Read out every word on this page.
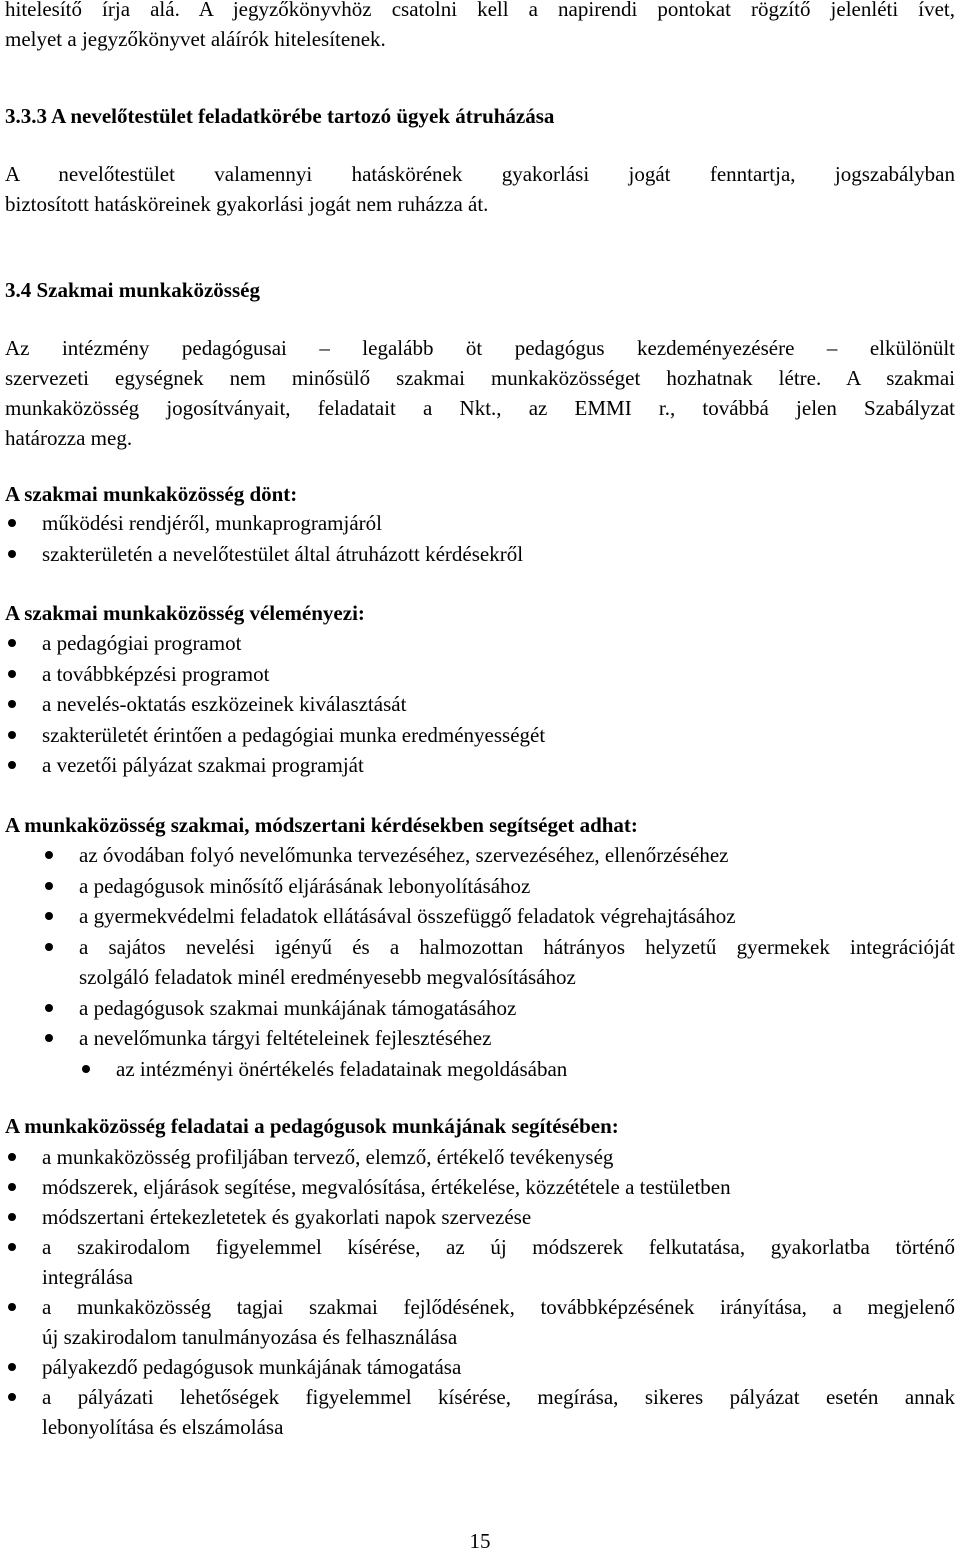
hitelesítő írja alá. A jegyzőkönyvhöz csatolni kell a napirendi pontokat rögzítő jelenléti ívet,

melyet a jegyzőkönyvet aláírók hitelesítenek.

3.3.3 A nevelőtestület feladatkörébe tartozó ügyek átruházása

A nevelőtestület valamennyi hatáskörének gyakorlási jogát fenntartja, jogszabályban

biztosított hatásköreinek gyakorlási jogát nem ruházza át.

3.4 Szakmai munkaközösség

Az intézmény pedagógusai – legalább öt pedagógus kezdeményezésére – elkülönült

szervezeti egységnek nem minősülő szakmai munkaközösséget hozhatnak létre. A szakmai

munkaközösség jogosítványait, feladatait a Nkt., az EMMI r., továbbá jelen Szabályzat

határozza meg.

A szakmai munkaközösség dönt:
működési rendjéről, munkaprogramjáról
szakterületén a nevelőtestület által átruházott kérdésekről
A szakmai munkaközösség véleményezi:
a pedagógiai programot
a továbbképzési programot
a nevelés-oktatás eszközeinek kiválasztását
szakterületét érintően a pedagógiai munka eredményességét
a vezetői pályázat szakmai programját
A munkaközösség szakmai, módszertani kérdésekben segítséget adhat:
az óvodában folyó nevelőmunka tervezéséhez, szervezéséhez, ellenőrzéséhez
a pedagógusok minősítő eljárásának lebonyolításához
a gyermekvédelmi feladatok ellátásával összefüggő feladatok végrehajtásához
a sajátos nevelési igényű és a halmozottan hátrányos helyzetű gyermekek integrációját
szolgáló feladatok minél eredményesebb megvalósításához
a pedagógusok szakmai munkájának támogatásához
a nevelőmunka tárgyi feltételeinek fejlesztéséhez
az intézményi önértékelés feladatainak megoldásában
A munkaközösség feladatai a pedagógusok munkájának segítésében:
a munkaközösség profiljában tervező, elemző, értékelő tevékenység
módszerek, eljárások segítése, megvalósítása, értékelése, közzététele a testületben
módszertani értekezletetek és gyakorlati napok szervezése
a szakirodalom figyelemmel kísérése, az új módszerek felkutatása, gyakorlatba történő
integrálása
a munkaközösség tagjai szakmai fejlődésének, továbbképzésének irányítása, a megjelenő
új szakirodalom tanulmányozása és felhasználása
pályakezdő pedagógusok munkájának támogatása
a pályázati lehetőségek figyelemmel kísérése, megírása, sikeres pályázat esetén annak
lebonyolítása és elszámolása
15
